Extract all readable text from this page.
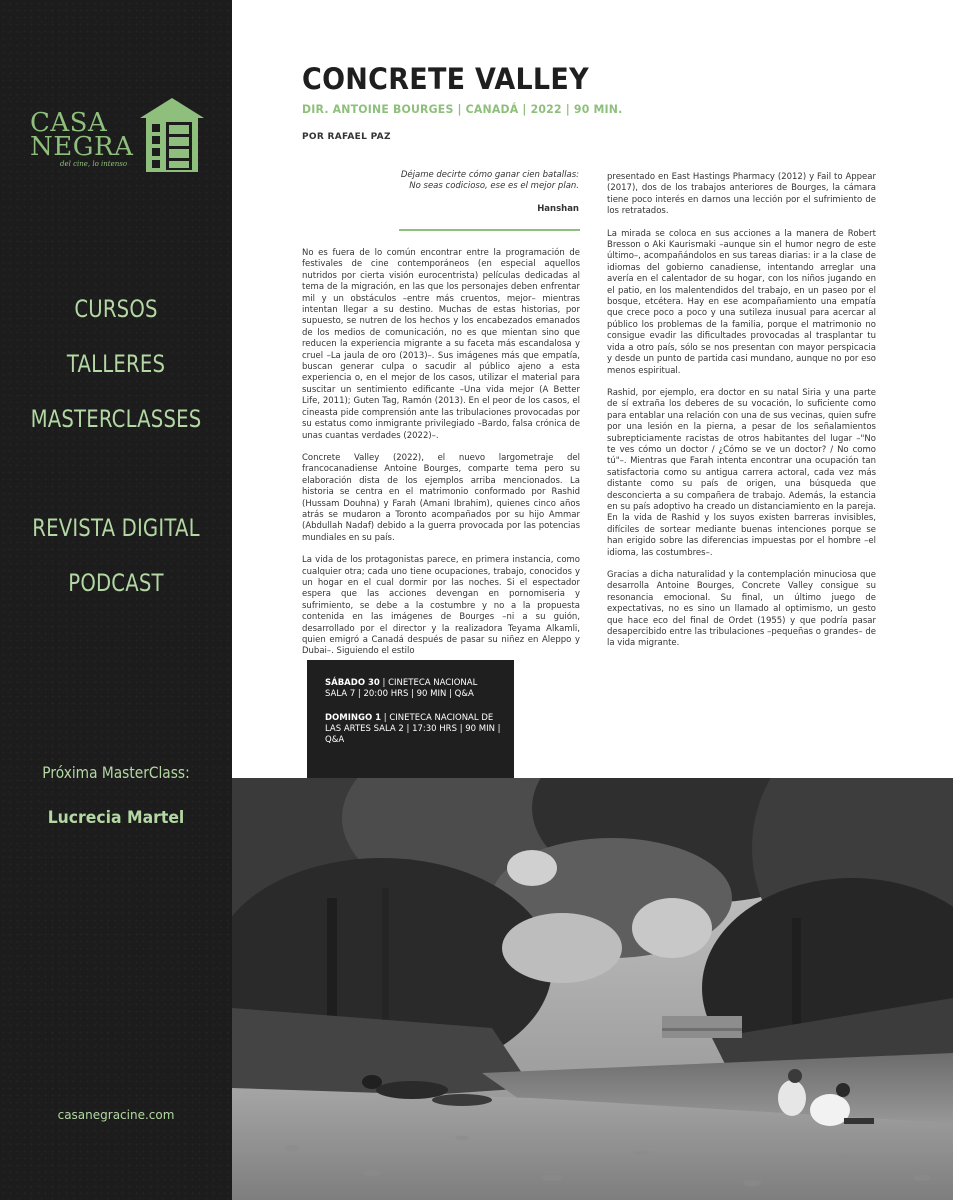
CASA
NEGRA
del cine, lo intenso
CURSOS
TALLERES
MASTERCLASSES
REVISTA DIGITAL
PODCAST
Próxima MasterClass:
Lucrecia Martel
casanegracine.com
CONCRETE VALLEY
DIR. ANTOINE BOURGES | CANADÁ | 2022 | 90 MIN.
POR RAFAEL PAZ
Déjame decirte cómo ganar cien batallas:
No seas codicioso, ese es el mejor plan.
Hanshan

No es fuera de lo común encontrar entre la programación de festivales de cine contemporáneos (en especial aquellos nutridos por cierta visión eurocentrista) películas dedicadas al tema de la migración, en las que los personajes deben enfrentar mil y un obstáculos –entre más cruentos, mejor– mientras intentan llegar a su destino. Muchas de estas historias, por supuesto, se nutren de los hechos y los encabezados emanados de los medios de comunicación, no es que mientan sino que reducen la experiencia migrante a su faceta más escandalosa y cruel –La jaula de oro (2013)–. Sus imágenes más que empatía, buscan generar culpa o sacudir al público ajeno a esta experiencia o, en el mejor de los casos, utilizar el material para suscitar un sentimiento edificante –Una vida mejor (A Better Life, 2011); Guten Tag, Ramón (2013). En el peor de los casos, el cineasta pide comprensión ante las tribulaciones provocadas por su estatus como inmigrante privilegiado –Bardo, falsa crónica de unas cuantas verdades (2022)–.

Concrete Valley (2022), el nuevo largometraje del francocanadiense Antoine Bourges, comparte tema pero su elaboración dista de los ejemplos arriba mencionados. La historia se centra en el matrimonio conformado por Rashid (Hussam Douhna) y Farah (Amani Ibrahim), quienes cinco años atrás se mudaron a Toronto acompañados por su hijo Ammar (Abdullah Nadaf) debido a la guerra provocada por las potencias mundiales en su país.

La vida de los protagonistas parece, en primera instancia, como cualquier otra; cada uno tiene ocupaciones, trabajo, conocidos y un hogar en el cual dormir por las noches. Si el espectador espera que las acciones devengan en pornomiseria y sufrimiento, se debe a la costumbre y no a la propuesta contenida en las imágenes de Bourges –ni a su guión, desarrollado por el director y la realizadora Teyama Alkamli, quien emigró a Canadá después de pasar su niñez en Aleppo y Dubai–. Siguiendo el estilo

presentado en East Hastings Pharmacy (2012) y Fail to Appear (2017), dos de los trabajos anteriores de Bourges, la cámara tiene poco interés en darnos una lección por el sufrimiento de los retratados.

La mirada se coloca en sus acciones a la manera de Robert Bresson o Aki Kaurismaki –aunque sin el humor negro de este último–, acompañándolos en sus tareas diarias: ir a la clase de idiomas del gobierno canadiense, intentando arreglar una avería en el calentador de su hogar, con los niños jugando en el patio, en los malentendidos del trabajo, en un paseo por el bosque, etcétera. Hay en ese acompañamiento una empatía que crece poco a poco y una sutileza inusual para acercar al público los problemas de la familia, porque el matrimonio no consigue evadir las dificultades provocadas al trasplantar tu vida a otro país, sólo se nos presentan con mayor perspicacia y desde un punto de partida casi mundano, aunque no por eso menos espiritual.

Rashid, por ejemplo, era doctor en su natal Siria y una parte de sí extraña los deberes de su vocación, lo suficiente como para entablar una relación con una de sus vecinas, quien sufre por una lesión en la pierna, a pesar de los señalamientos subrepticiamente racistas de otros habitantes del lugar –"No te ves cómo un doctor / ¿Cómo se ve un doctor? / No como tú"–. Mientras que Farah intenta encontrar una ocupación tan satisfactoria como su antigua carrera actoral, cada vez más distante como su país de origen, una búsqueda que desconcierta a su compañera de trabajo. Además, la estancia en su país adoptivo ha creado un distanciamiento en la pareja. En la vida de Rashid y los suyos existen barreras invisibles, difíciles de sortear mediante buenas intenciones porque se han erigido sobre las diferencias impuestas por el hombre –el idioma, las costumbres–.

Gracias a dicha naturalidad y la contemplación minuciosa que desarrolla Antoine Bourges, Concrete Valley consigue su resonancia emocional. Su final, un último juego de expectativas, no es sino un llamado al optimismo, un gesto que hace eco del final de Ordet (1955) y que podría pasar desapercibido entre las tribulaciones –pequeñas o grandes– de la vida migrante.

SÁBADO 30 | CINETECA NACIONAL SALA 7 | 20:00 HRS | 90 MIN | Q&A
DOMINGO 1 | CINETECA NACIONAL DE LAS ARTES SALA 2 | 17:30 HRS | 90 MIN | Q&A
